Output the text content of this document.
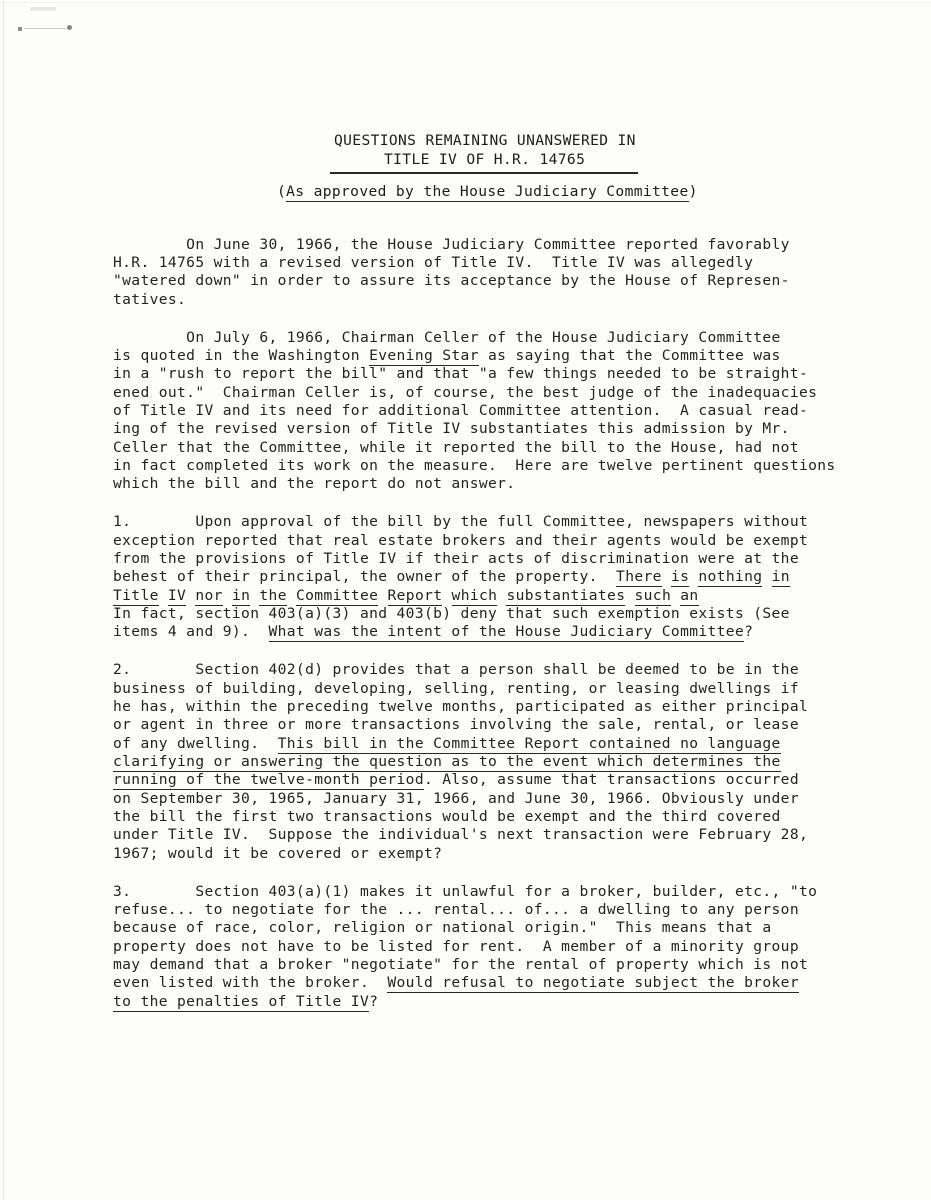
QUESTIONS REMAINING UNANSWERED IN
TITLE IV OF H.R. 14765
(As approved by the House Judiciary Committee)
On June 30, 1966, the House Judiciary Committee reported favorably
H.R. 14765 with a revised version of Title IV.  Title IV was allegedly
"watered down" in order to assure its acceptance by the House of Represen-
tatives.
On July 6, 1966, Chairman Celler of the House Judiciary Committee
is quoted in the Washington Evening Star as saying that the Committee was
in a "rush to report the bill" and that "a few things needed to be straight-
ened out."  Chairman Celler is, of course, the best judge of the inadequacies
of Title IV and its need for additional Committee attention.  A casual read-
ing of the revised version of Title IV substantiates this admission by Mr.
Celler that the Committee, while it reported the bill to the House, had not
in fact completed its work on the measure.  Here are twelve pertinent questions
which the bill and the report do not answer.
1.       Upon approval of the bill by the full Committee, newspapers without
exception reported that real estate brokers and their agents would be exempt
from the provisions of Title IV if their acts of discrimination were at the
behest of their principal, the owner of the property.  There is nothing in
Title IV nor in the Committee Report which substantiates such an
In fact, section 403(a)(3) and 403(b) deny that such exemption exists (See
items 4 and 9).  What was the intent of the House Judiciary Committee?
2.       Section 402(d) provides that a person shall be deemed to be in the
business of building, developing, selling, renting, or leasing dwellings if
he has, within the preceding twelve months, participated as either principal
or agent in three or more transactions involving the sale, rental, or lease
of any dwelling.  This bill in the Committee Report contained no language
clarifying or answering the question as to the event which determines the
running of the twelve-month period. Also, assume that transactions occurred
on September 30, 1965, January 31, 1966, and June 30, 1966. Obviously under
the bill the first two transactions would be exempt and the third covered
under Title IV.  Suppose the individual's next transaction were February 28,
1967; would it be covered or exempt?
3.       Section 403(a)(1) makes it unlawful for a broker, builder, etc., "to
refuse... to negotiate for the ... rental... of... a dwelling to any person
because of race, color, religion or national origin."  This means that a
property does not have to be listed for rent.  A member of a minority group
may demand that a broker "negotiate" for the rental of property which is not
even listed with the broker.  Would refusal to negotiate subject the broker
to the penalties of Title IV?
